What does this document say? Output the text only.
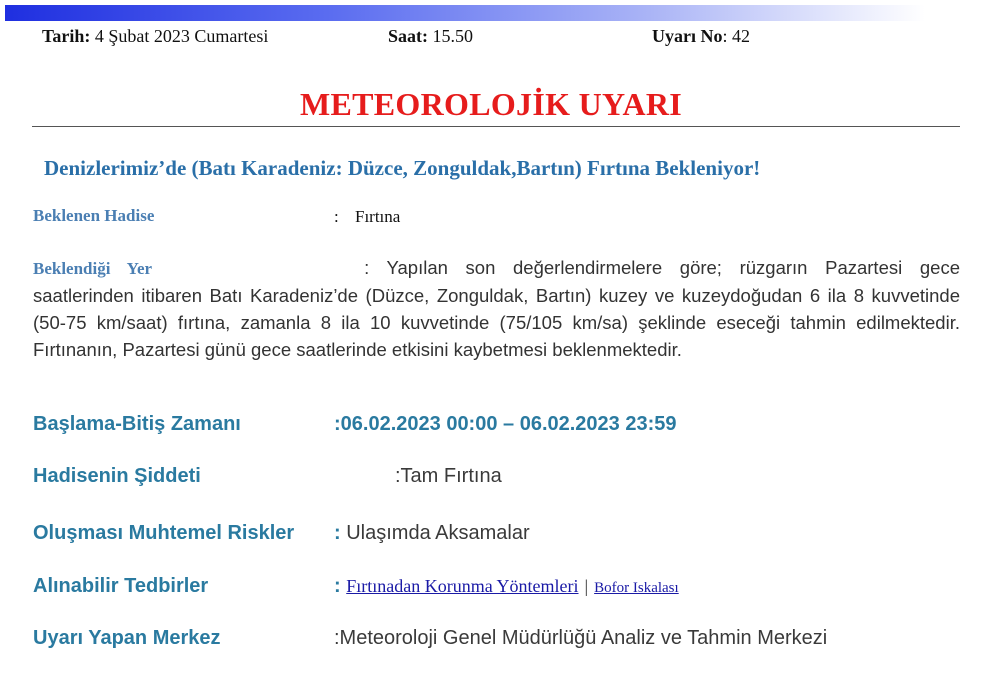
Tarih: 4 Şubat 2023 Cumartesi	Saat: 15.50	Uyarı No: 42
METEOROLOJİK UYARI
Denizlerimiz’de (Batı Karadeniz: Düzce, Zonguldak,Bartın) Fırtına Bekleniyor!
Beklenen Hadise	: Fırtına
Beklendiği Yer	: Yapılan son değerlendirmelere göre; rüzgarın Pazartesi gece saatlerinden itibaren Batı Karadeniz’de (Düzce, Zonguldak, Bartın) kuzey ve kuzeydoğudan 6 ila 8 kuvvetinde (50-75 km/saat) fırtına, zamanla 8 ila 10 kuvvetinde (75/105 km/sa) şeklinde eseceği tahmin edilmektedir. Fırtınanın, Pazartesi günü gece saatlerinde etkisini kaybetmesi beklenmektedir.
Başlama-Bitiş Zamanı	:06.02.2023 00:00 – 06.02.2023 23:59
Hadisenin Şiddeti	:Tam Fırtına
Oluşması Muhtemel Riskler : Ulaşımda Aksamalar
Alınabilir Tedbirler	: Fırtınadan Korunma Yöntemleri | Bofor Iskalası
Uyarı Yapan Merkez	:Meteoroloji Genel Müdürlüğü Analiz ve Tahmin Merkezi
